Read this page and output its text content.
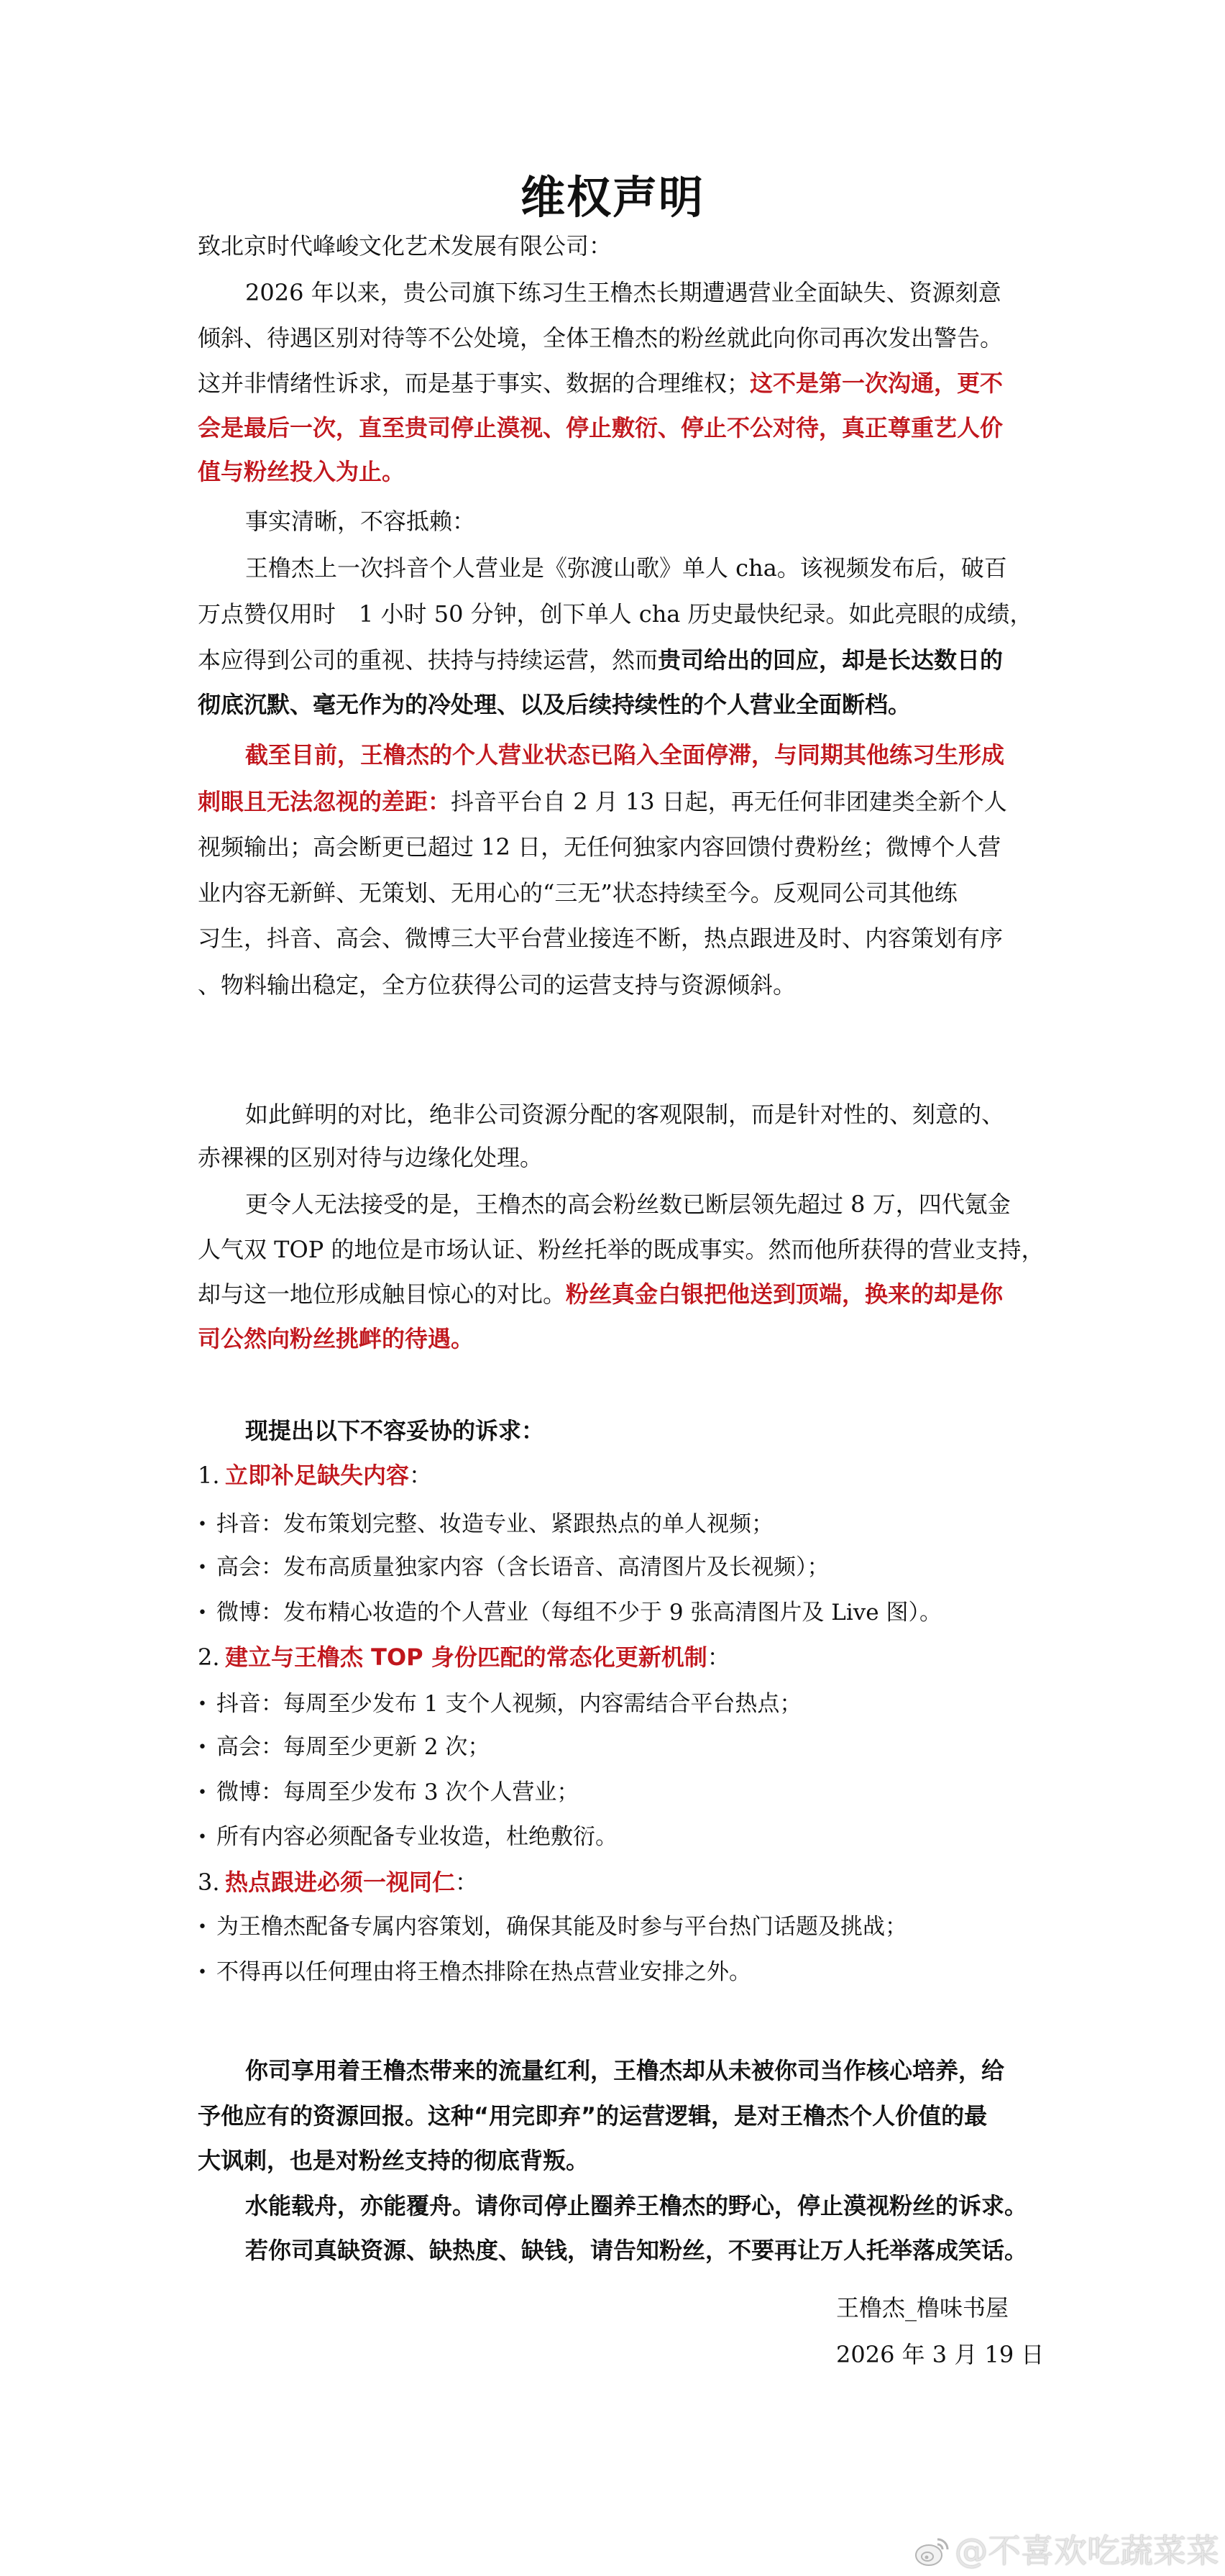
维权声明
致北京时代峰峻文化艺术发展有限公司：
2026 年以来，贵公司旗下练习生王橹杰长期遭遇营业全面缺失、资源刻意
倾斜、待遇区别对待等不公处境，全体王橹杰的粉丝就此向你司再次发出警告。
这并非情绪性诉求，而是基于事实、数据的合理维权；这不是第一次沟通，更不
会是最后一次，直至贵司停止漠视、停止敷衍、停止不公对待，真正尊重艺人价
值与粉丝投入为止。
事实清晰，不容抵赖：
王橹杰上一次抖音个人营业是《弥渡山歌》单人 cha。该视频发布后，破百
万点赞仅用时　1 小时 50 分钟，创下单人 cha 历史最快纪录。如此亮眼的成绩，
本应得到公司的重视、扶持与持续运营，然而贵司给出的回应，却是长达数日的
彻底沉默、毫无作为的冷处理、以及后续持续性的个人营业全面断档。
截至目前，王橹杰的个人营业状态已陷入全面停滞，与同期其他练习生形成
刺眼且无法忽视的差距：抖音平台自 2 月 13 日起，再无任何非团建类全新个人
视频输出；高会断更已超过 12 日，无任何独家内容回馈付费粉丝；微博个人营
业内容无新鲜、无策划、无用心的“三无”状态持续至今。反观同公司其他练
习生，抖音、高会、微博三大平台营业接连不断，热点跟进及时、内容策划有序
、物料输出稳定，全方位获得公司的运营支持与资源倾斜。
如此鲜明的对比，绝非公司资源分配的客观限制，而是针对性的、刻意的、
赤裸裸的区别对待与边缘化处理。
更令人无法接受的是，王橹杰的高会粉丝数已断层领先超过 8 万，四代氪金
人气双 TOP 的地位是市场认证、粉丝托举的既成事实。然而他所获得的营业支持，
却与这一地位形成触目惊心的对比。粉丝真金白银把他送到顶端，换来的却是你
司公然向粉丝挑衅的待遇。
现提出以下不容妥协的诉求：
1. 立即补足缺失内容：
• 抖音：发布策划完整、妆造专业、紧跟热点的单人视频；
• 高会：发布高质量独家内容（含长语音、高清图片及长视频）；
• 微博：发布精心妆造的个人营业（每组不少于 9 张高清图片及 Live 图）。
2. 建立与王橹杰 TOP 身份匹配的常态化更新机制：
• 抖音：每周至少发布 1 支个人视频，内容需结合平台热点；
• 高会：每周至少更新 2 次；
• 微博：每周至少发布 3 次个人营业；
• 所有内容必须配备专业妆造，杜绝敷衍。
3. 热点跟进必须一视同仁：
• 为王橹杰配备专属内容策划，确保其能及时参与平台热门话题及挑战；
• 不得再以任何理由将王橹杰排除在热点营业安排之外。
你司享用着王橹杰带来的流量红利，王橹杰却从未被你司当作核心培养，给
予他应有的资源回报。这种“用完即弃”的运营逻辑，是对王橹杰个人价值的最
大讽刺，也是对粉丝支持的彻底背叛。
水能载舟，亦能覆舟。请你司停止圈养王橹杰的野心，停止漠视粉丝的诉求。
若你司真缺资源、缺热度、缺钱，请告知粉丝，不要再让万人托举落成笑话。
王橹杰_橹味书屋
2026 年 3 月 19 日
@不喜欢吃蔬菜菜
